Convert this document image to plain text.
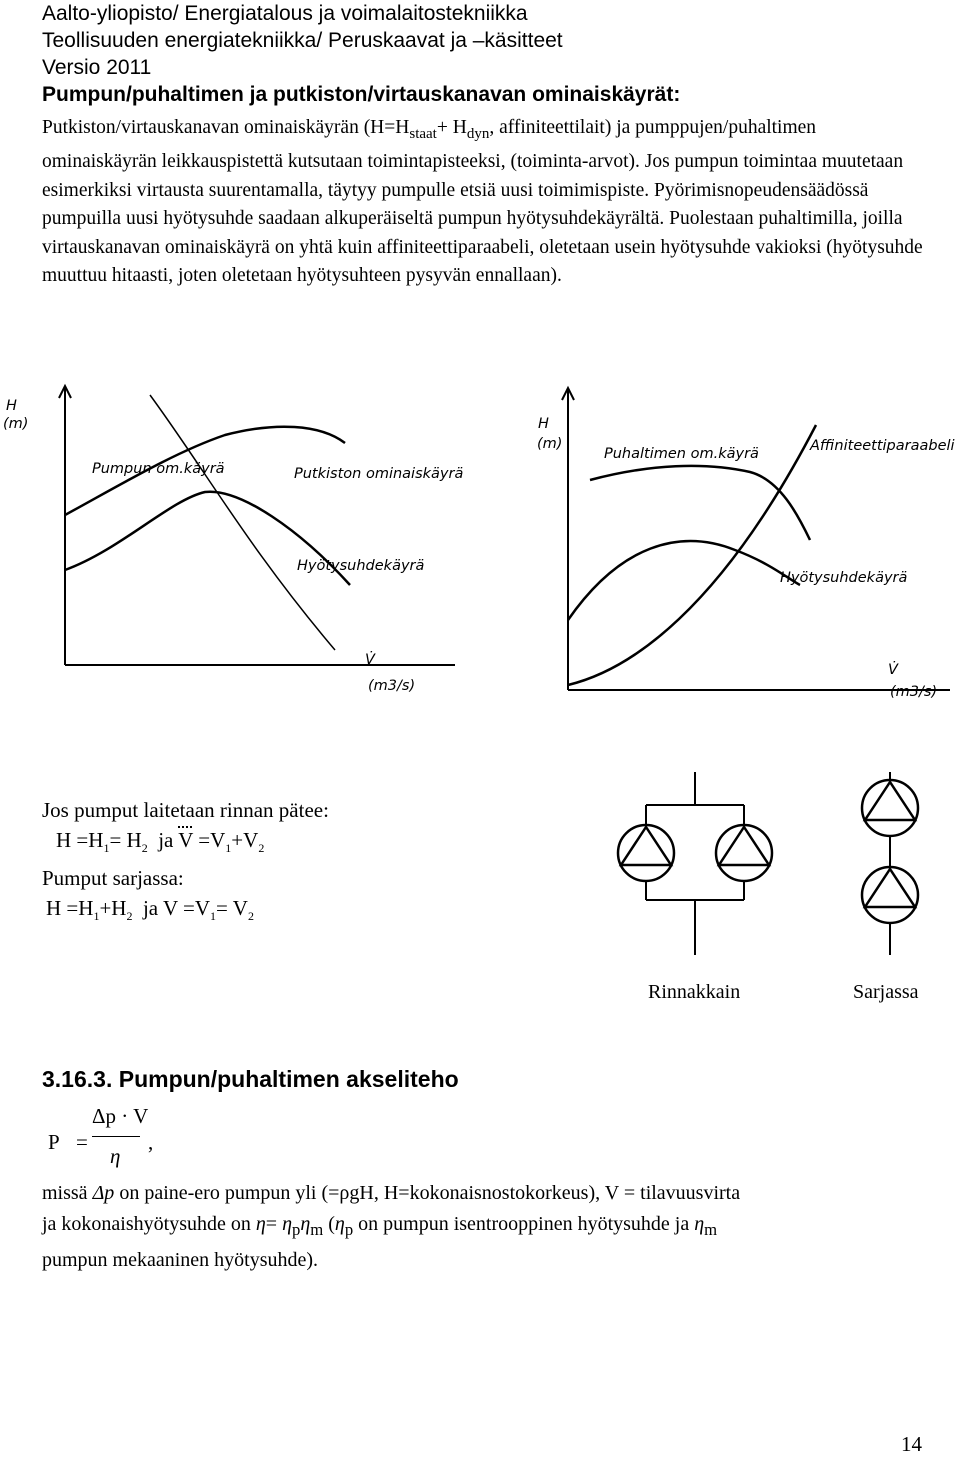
Aalto-yliopisto/ Energiatalous ja voimalaitostekniikka
Teollisuuden energiatekniikka/ Peruskaavat ja –käsitteet
Versio 2011
Pumpun/puhaltimen ja putkiston/virtauskanavan ominaiskäyrät:
Putkiston/virtauskanavan ominaiskäyrän ($H=H_{staat}+ H_{dyn}$, affiniteettilait) ja pumppujen/puhaltimen ominaiskäyrän leikkauspistettä kutsutaan toimintapisteeksi, (toiminta-arvot). Jos pumpun toimintaa muutetaan esimerkiksi virtausta suurentamalla, täytyy pumpulle etsiä uusi toimimispiste. Pyörimisnopeudensäädössä pumpuilla uusi hyötysuhde saadaan alkuperäiseltä pumpun hyötysuhdekäyrältä. Puolestaan puhaltimilla, joilla virtauskanavan ominaiskäyrä on yhtä kuin affiniteettiparaabeli, oletetaan usein hyötysuhde vakioksi (hyötysuhde muuttuu hitaasti, joten oletetaan hyötysuhteen pysyvän ennallaan).
H
(m)
Pumpun om.käyrä	Putkiston ominaiskäyrä
Hyötysuhdekäyrä
V̇
(m3/s)
H
(m)
Puhaltimen om.käyrä	Affiniteettiparaabeli
Hyötysuhdekäyrä
V̇
(m3/s)
Jos pumput laitetaan rinnan pätee:
$H =H_1= H_2$ ja $V =V_1+V_2$
Pumput sarjassa:
$H =H_1+H_2$ ja $V =V_1= V_2$
Rinnakkain	Sarjassa
3.16.3. Pumpun/puhaltimen akseliteho
P =
Δp · V
η
,
missä Δp on paine-ero pumpun yli (=ρgH, H=kokonaisnostokorkeus), V = tilavuusvirta
ja kokonaishyötysuhde on $\eta= \eta_p\eta_m$ ($\eta_p$ on pumpun isentrooppinen hyötysuhde ja $\eta_m$
pumpun mekaaninen hyötysuhde).
14
